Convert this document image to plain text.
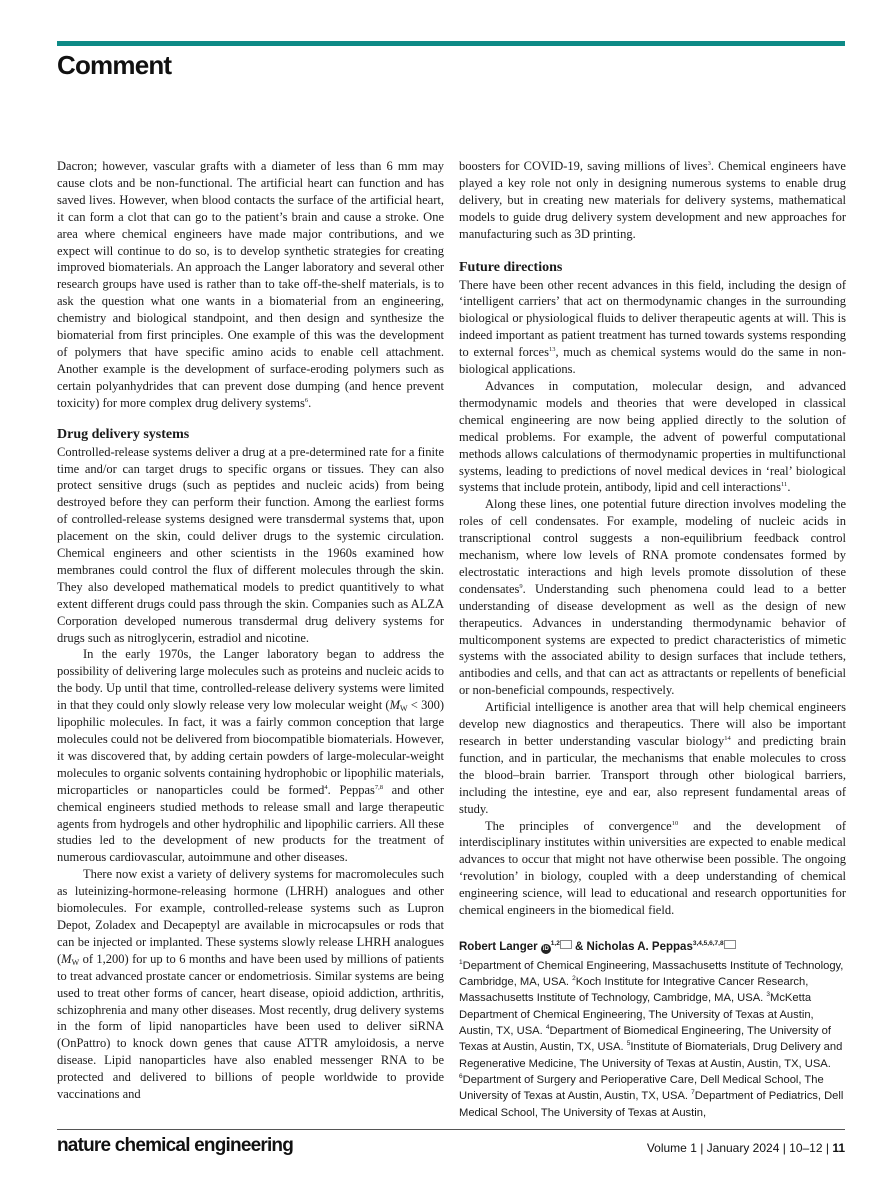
Comment

Dacron; however, vascular grafts with a diameter of less than 6 mm may cause clots and be non-functional. The artificial heart can function and has saved lives. However, when blood contacts the surface of the artificial heart, it can form a clot that can go to the patient’s brain and cause a stroke. One area where chemical engineers have made major contributions, and we expect will continue to do so, is to develop synthetic strategies for creating improved biomaterials. An approach the Langer laboratory and several other research groups have used is rather than to take off-the-shelf materials, is to ask the question what one wants in a biomaterial from an engineering, chemistry and biological standpoint, and then design and synthesize the biomaterial from first principles. One example of this was the development of polymers that have specific amino acids to enable cell attachment. Another example is the development of surface-eroding polymers such as certain polyanhydrides that can prevent dose dumping (and hence prevent toxicity) for more complex drug delivery systems$^6$.

Drug delivery systems

Controlled-release systems deliver a drug at a pre-determined rate for a finite time and/or can target drugs to specific organs or tissues. They can also protect sensitive drugs (such as peptides and nucleic acids) from being destroyed before they can perform their function. Among the earliest forms of controlled-release systems designed were transdermal systems that, upon placement on the skin, could deliver drugs to the systemic circulation. Chemical engineers and other scientists in the 1960s examined how membranes could control the flux of different molecules through the skin. They also developed mathematical models to predict quantitively to what extent different drugs could pass through the skin. Companies such as ALZA Corporation developed numerous transdermal drug delivery systems for drugs such as nitroglycerin, estradiol and nicotine.

In the early 1970s, the Langer laboratory began to address the possibility of delivering large molecules such as proteins and nucleic acids to the body. Up until that time, controlled-release delivery systems were limited in that they could only slowly release very low molecular weight $(M_W < 300)$ lipophilic molecules. In fact, it was a fairly common conception that large molecules could not be delivered from biocompatible biomaterials. However, it was discovered that, by adding certain powders of large-molecular-weight molecules to organic solvents containing hydrophobic or lipophilic materials, microparticles or nanoparticles could be formed$^4$. Peppas$^{7,8}$ and other chemical engineers studied methods to release small and large therapeutic agents from hydrogels and other hydrophilic and lipophilic carriers. All these studies led to the development of new products for the treatment of numerous cardiovascular, autoimmune and other diseases.

There now exist a variety of delivery systems for macromolecules such as luteinizing-hormone-releasing hormone (LHRH) analogues and other biomolecules. For example, controlled-release systems such as Lupron Depot, Zoladex and Decapeptyl are available in microcapsules or rods that can be injected or implanted. These systems slowly release LHRH analogues ($M_W$ of 1,200) for up to 6 months and have been used by millions of patients to treat advanced prostate cancer or endometriosis. Similar systems are being used to treat other forms of cancer, heart disease, opioid addiction, arthritis, schizophrenia and many other diseases. Most recently, drug delivery systems in the form of lipid nanoparticles have been used to deliver siRNA (OnPattro) to knock down genes that cause ATTR amyloidosis, a nerve disease. Lipid nanoparticles have also enabled messenger RNA to be protected and delivered to billions of people worldwide to provide vaccinations and

boosters for COVID-19, saving millions of lives$^3$. Chemical engineers have played a key role not only in designing numerous systems to enable drug delivery, but in creating new materials for delivery systems, mathematical models to guide drug delivery system development and new approaches for manufacturing such as 3D printing.

Future directions

There have been other recent advances in this field, including the design of ‘intelligent carriers’ that act on thermodynamic changes in the surrounding biological or physiological fluids to deliver therapeutic agents at will. This is indeed important as patient treatment has turned towards systems responding to external forces$^{13}$, much as chemical systems would do the same in non-biological applications.

Advances in computation, molecular design, and advanced thermodynamic models and theories that were developed in classical chemical engineering are now being applied directly to the solution of medical problems. For example, the advent of powerful computational methods allows calculations of thermodynamic properties in multifunctional systems, leading to predictions of novel medical devices in ‘real’ biological systems that include protein, antibody, lipid and cell interactions$^{11}$.

Along these lines, one potential future direction involves modeling the roles of cell condensates. For example, modeling of nucleic acids in transcriptional control suggests a non-equilibrium feedback control mechanism, where low levels of RNA promote condensates formed by electrostatic interactions and high levels promote dissolution of these condensates$^9$. Understanding such phenomena could lead to a better understanding of disease development as well as the design of new therapeutics. Advances in understanding thermodynamic behavior of multicomponent systems are expected to predict characteristics of mimetic systems with the associated ability to design surfaces that include tethers, antibodies and cells, and that can act as attractants or repellents of beneficial or non-beneficial compounds, respectively.

Artificial intelligence is another area that will help chemical engineers develop new diagnostics and therapeutics. There will also be important research in better understanding vascular biology$^{14}$ and predicting brain function, and in particular, the mechanisms that enable molecules to cross the blood–brain barrier. Transport through other biological barriers, including the intestine, eye and ear, also represent fundamental areas of study.

The principles of convergence$^{10}$ and the development of interdisciplinary institutes within universities are expected to enable medical advances to occur that might not have otherwise been possible. The ongoing ‘revolution’ in biology, coupled with a deep understanding of chemical engineering science, will lead to educational and research opportunities for chemical engineers in the biomedical field.

Robert Langer iD$^{1,2}$ & Nicholas A. Peppas$^{3,4,5,6,7,8}$

$^1$Department of Chemical Engineering, Massachusetts Institute of Technology, Cambridge, MA, USA. $^2$Koch Institute for Integrative Cancer Research, Massachusetts Institute of Technology, Cambridge, MA, USA. $^3$McKetta Department of Chemical Engineering, The University of Texas at Austin, Austin, TX, USA. $^4$Department of Biomedical Engineering, The University of Texas at Austin, Austin, TX, USA. $^5$Institute of Biomaterials, Drug Delivery and Regenerative Medicine, The University of Texas at Austin, Austin, TX, USA. $^6$Department of Surgery and Perioperative Care, Dell Medical School, The University of Texas at Austin, Austin, TX, USA. $^7$Department of Pediatrics, Dell Medical School, The University of Texas at Austin,

nature chemical engineering	Volume 1 | January 2024 | 10–12 | 11
